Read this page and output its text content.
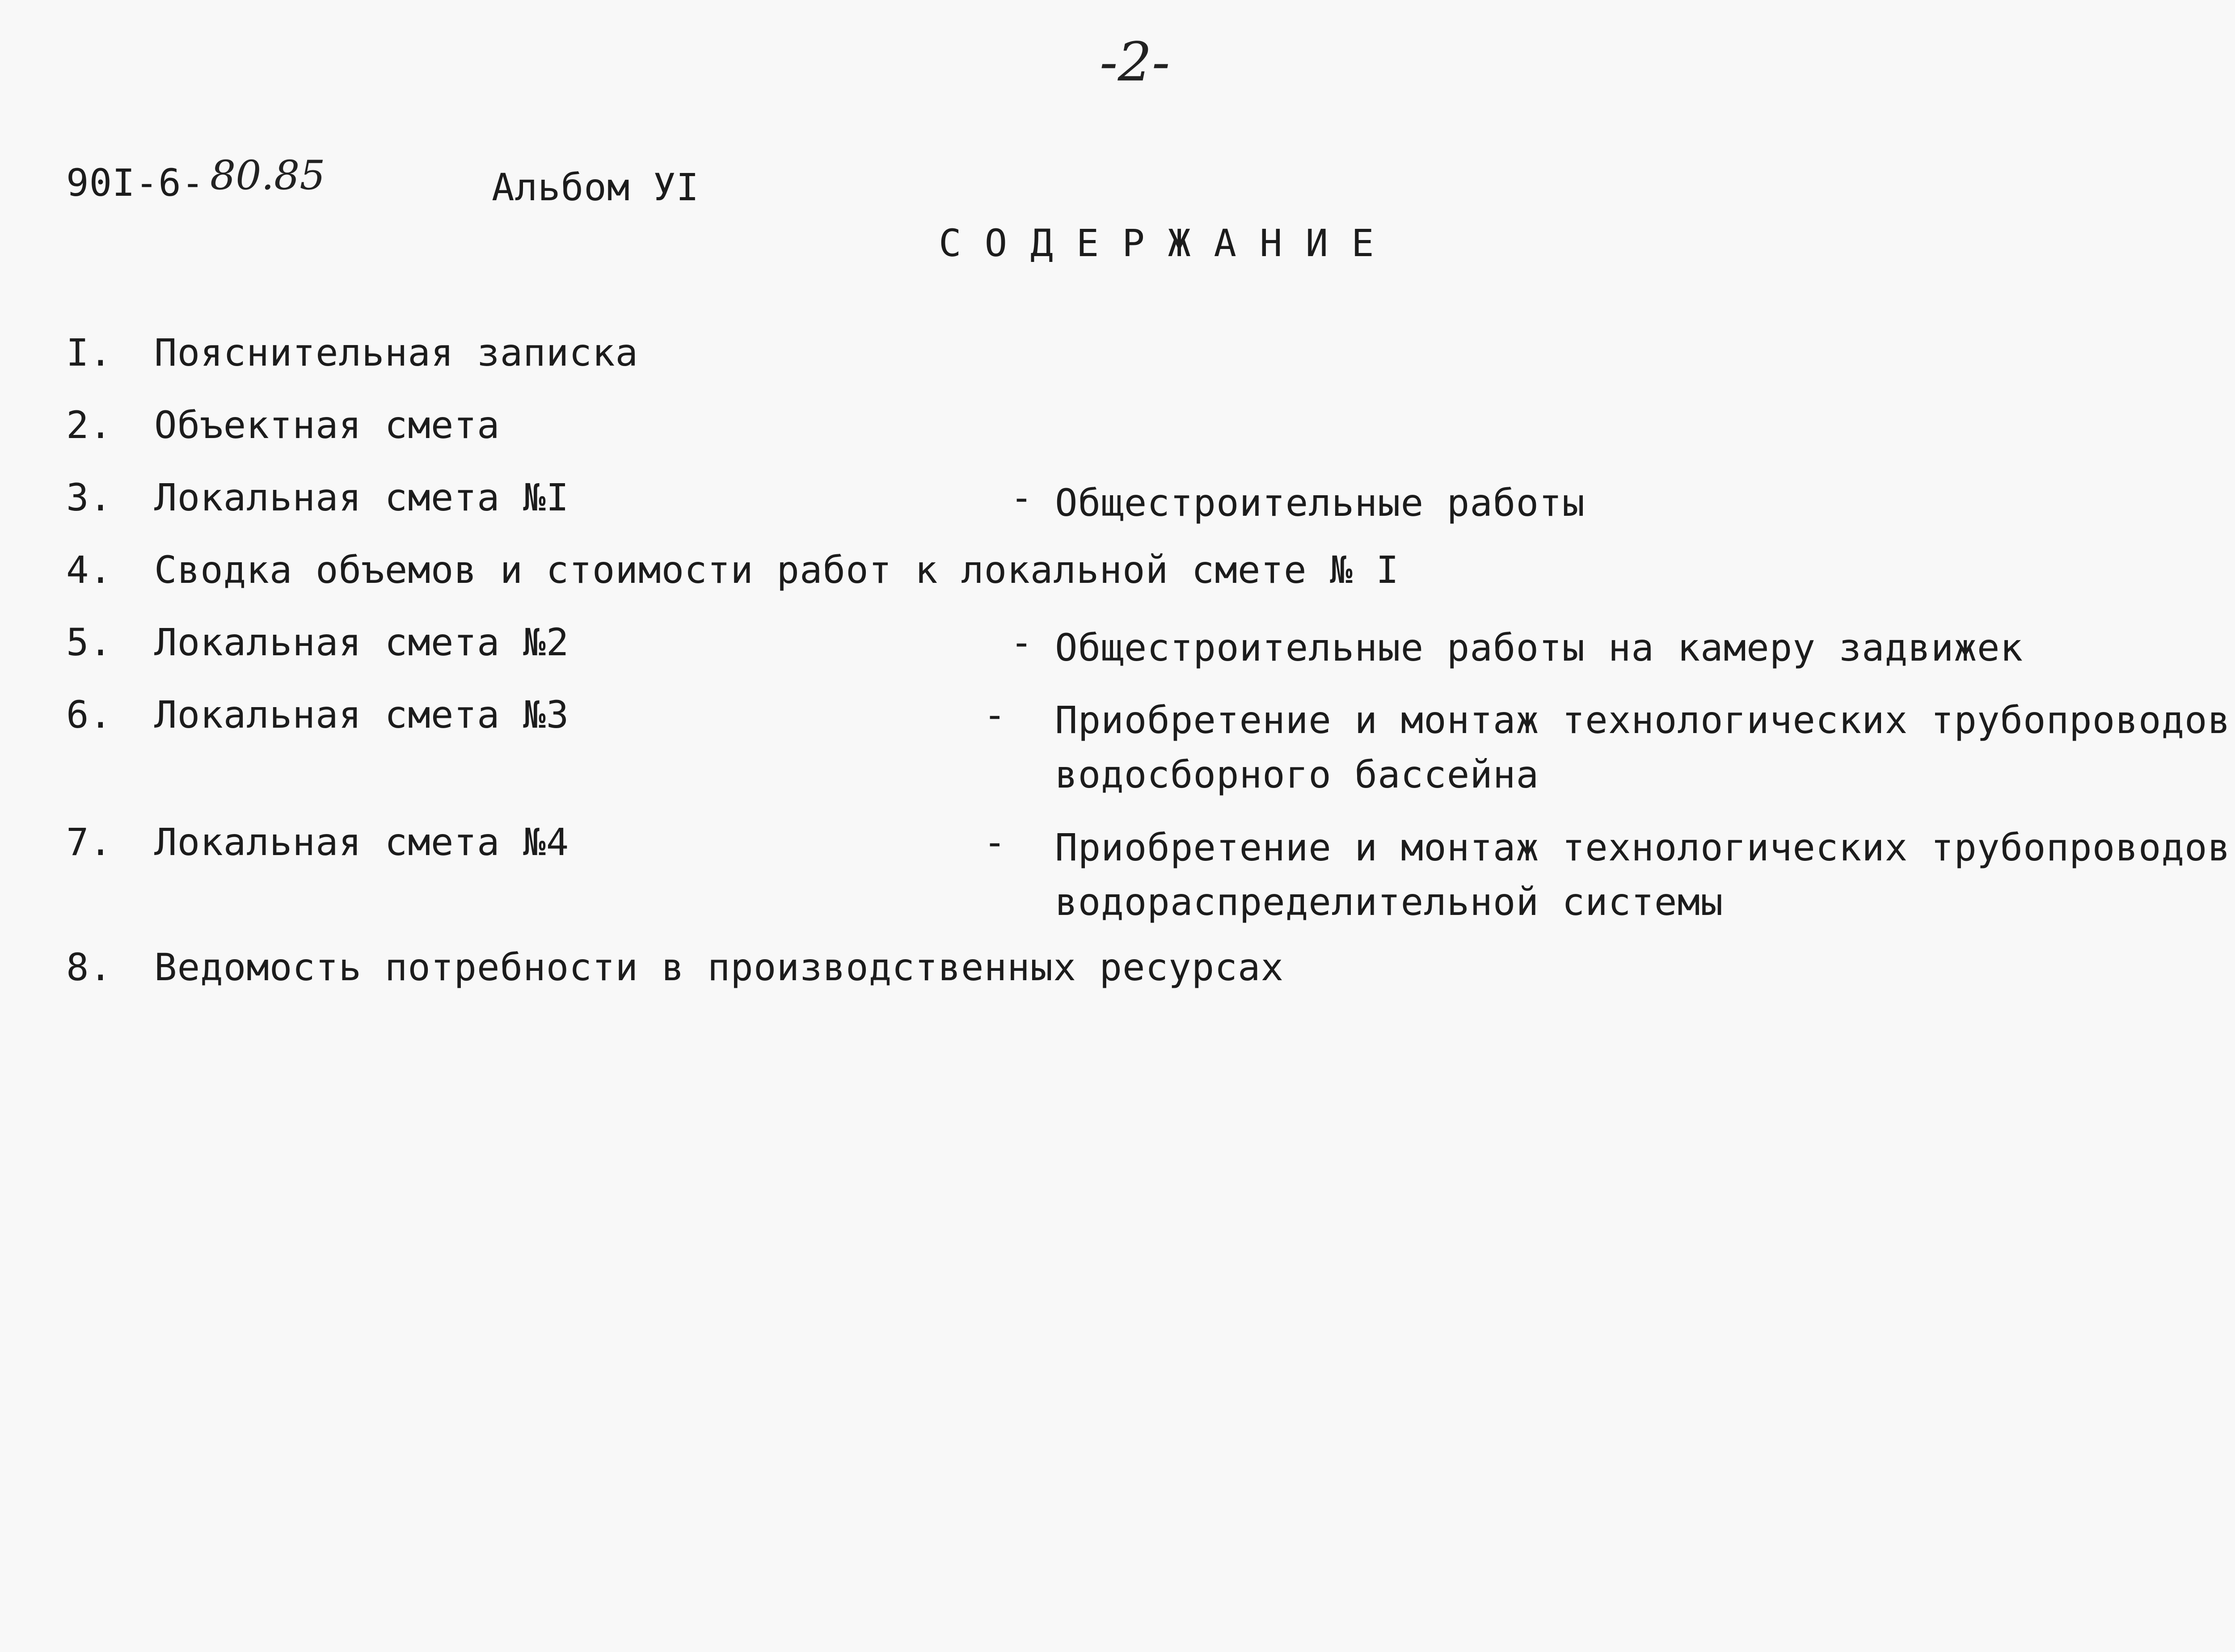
-2-
90I-6- 80.85	Альбом УI
СОДЕРЖАНИЕ
I. Пояснительная записка
2. Объектная смета
3. Локальная смета №I	- Общестроительные работы
4. Сводка объемов и стоимости работ к локальной смете № I
5. Локальная смета №2	- Общестроительные работы на камеру задвижек
6. Локальная смета №3	- Приобретение и монтаж технологических трубопроводов
водосборного бассейна
7. Локальная смета №4	- Приобретение и монтаж технологических трубопроводов
водораспределительной системы
8. Ведомость потребности в производственных ресурсах
